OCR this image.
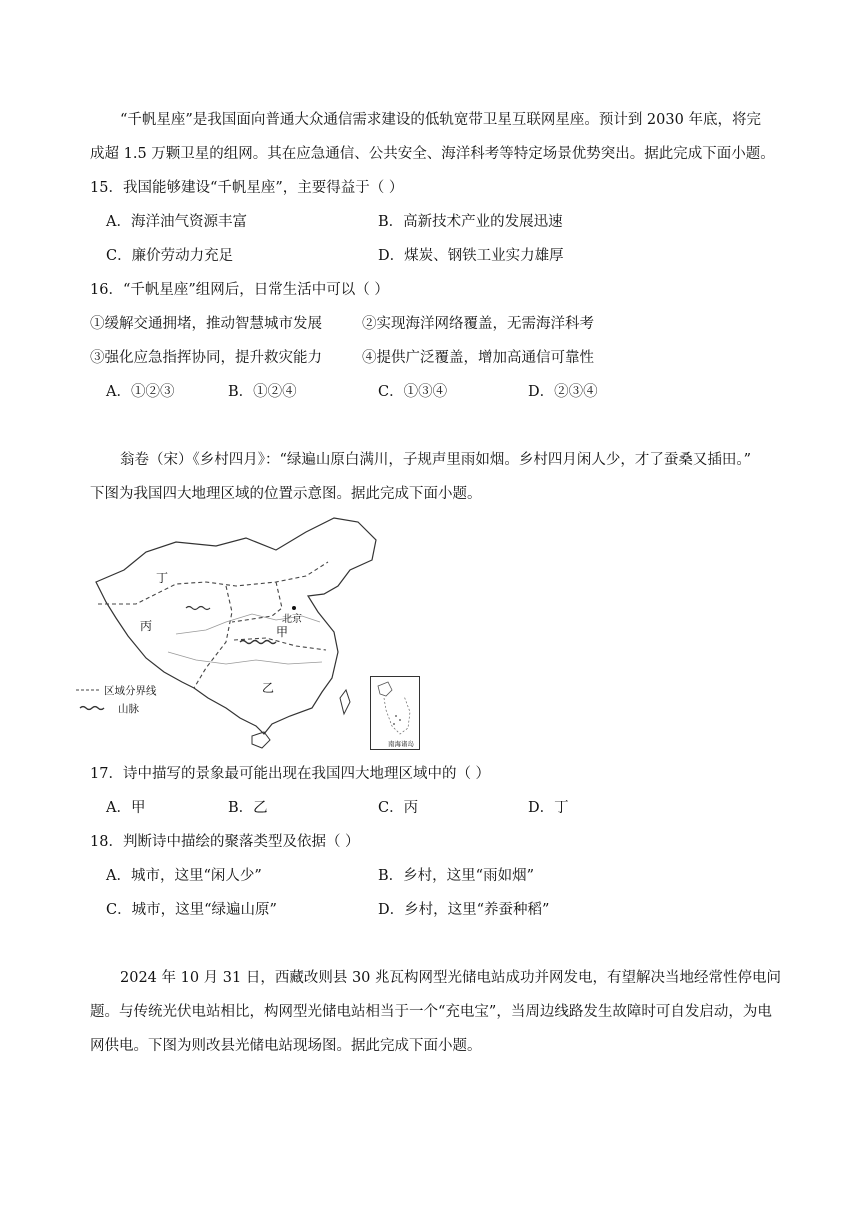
“千帆星座”是我国面向普通大众通信需求建设的低轨宽带卫星互联网星座。预计到 2030 年底，将完
成超 1.5 万颗卫星的组网。其在应急通信、公共安全、海洋科考等特定场景优势突出。据此完成下面小题。
15．我国能够建设“千帆星座”，主要得益于（ ）
A．海洋油气资源丰富	B．高新技术产业的发展迅速
C．廉价劳动力充足	D．煤炭、钢铁工业实力雄厚
16．“千帆星座”组网后，日常生活中可以（ ）
①缓解交通拥堵，推动智慧城市发展	②实现海洋网络覆盖，无需海洋科考
③强化应急指挥协同，提升救灾能力	④提供广泛覆盖，增加高通信可靠性
A．①②③	B．①②④	C．①③④	D．②③④
翁卷（宋）《乡村四月》：“绿遍山原白满川，子规声里雨如烟。乡村四月闲人少，才了蚕桑又插田。”
下图为我国四大地理区域的位置示意图。据此完成下面小题。
北京
丁
丙	甲
乙
区域分界线
山脉
南海诸岛
17．诗中描写的景象最可能出现在我国四大地理区域中的（ ）
A．甲	B．乙	C．丙	D．丁
18．判断诗中描绘的聚落类型及依据（ ）
A．城市，这里“闲人少”	B．乡村，这里“雨如烟”
C．城市，这里“绿遍山原”	D．乡村，这里“养蚕种稻”
2024 年 10 月 31 日，西藏改则县 30 兆瓦构网型光储电站成功并网发电，有望解决当地经常性停电问
题。与传统光伏电站相比，构网型光储电站相当于一个“充电宝”，当周边线路发生故障时可自发启动，为电
网供电。下图为则改县光储电站现场图。据此完成下面小题。
